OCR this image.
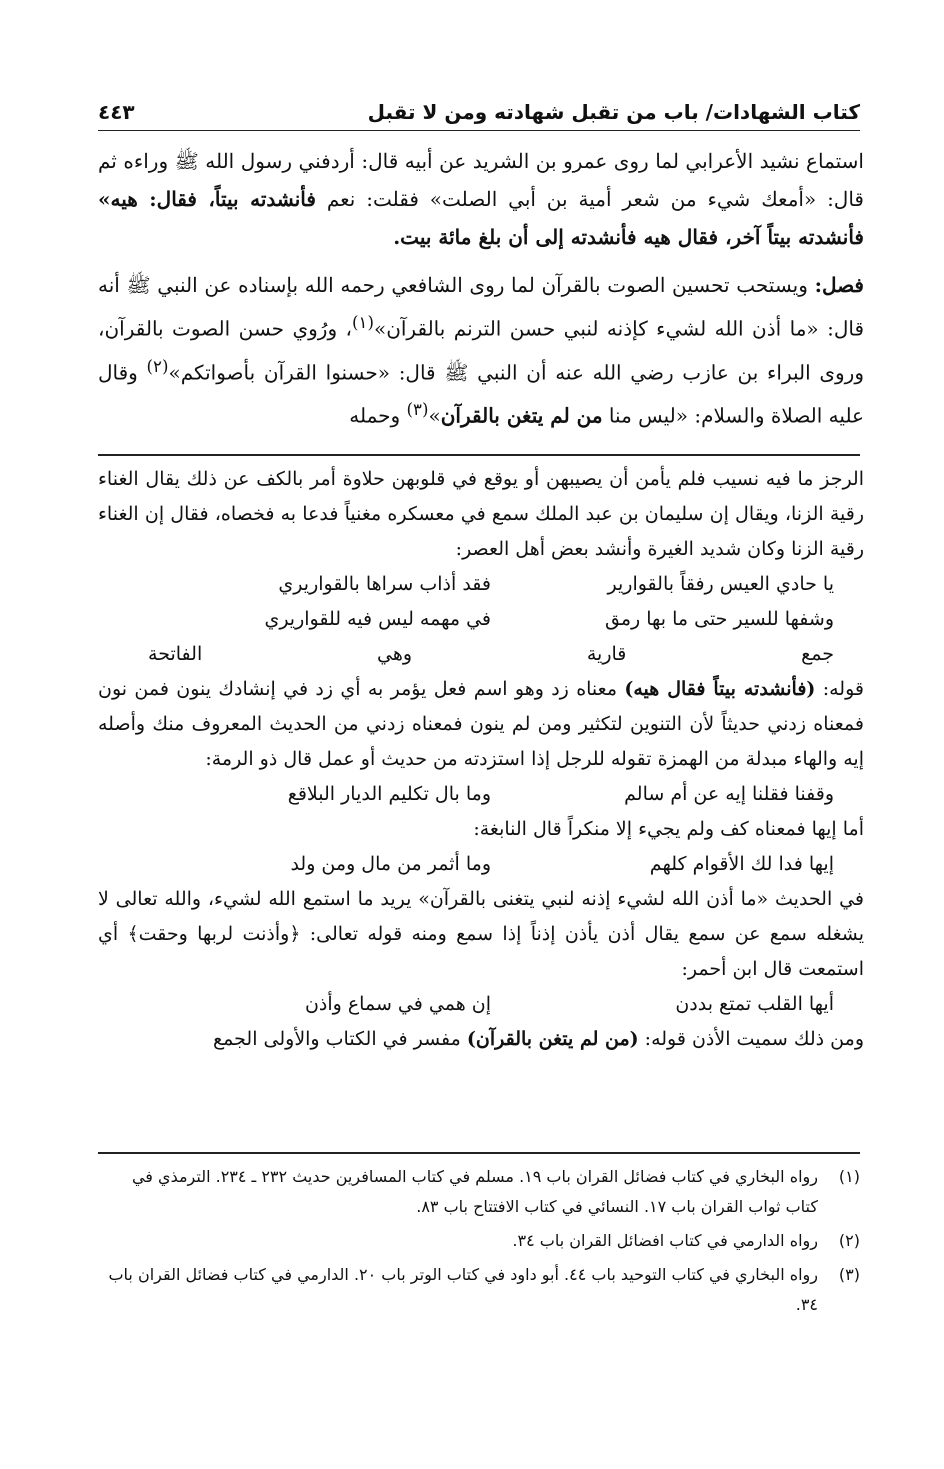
كتاب الشهادات/ باب من تقبل شهادته ومن لا تقبل
٤٤٣

استماع نشيد الأعرابي لما روى عمرو بن الشريد عن أبيه قال: أردفني رسول الله ﷺ وراءه ثم قال: «أمعك شيء من شعر أمية بن أبي الصلت» فقلت: نعم فأنشدته بيتاً، فقال: هيه» فأنشدته بيتاً آخر، فقال هيه فأنشدته إلى أن بلغ مائة بيت.

فصل: ويستحب تحسين الصوت بالقرآن لما روى الشافعي رحمه الله بإسناده عن النبي ﷺ أنه قال: «ما أذن الله لشيء كإذنه لنبي حسن الترنم بالقرآن»$^{(١)}$، ورُوي حسن الصوت بالقرآن، وروى البراء بن عازب رضي الله عنه أن النبي ﷺ قال: «حسنوا القرآن بأصواتكم»$^{(٢)}$ وقال عليه الصلاة والسلام: «ليس منا من لم يتغن بالقرآن»$^{(٣)}$ وحمله

الرجز ما فيه نسيب فلم يأمن أن يصيبهن أو يوقع في قلوبهن حلاوة أمر بالكف عن ذلك يقال الغناء رقية الزنا، ويقال إن سليمان بن عبد الملك سمع في معسكره مغنياً فدعا به فخصاه، فقال إن الغناء رقية الزنا وكان شديد الغيرة وأنشد بعض أهل العصر:

يا حادي العيس رفقاً بالقوارير
فقد أذاب سراها بالقواريري
وشفها للسير حتى ما بها رمق
في مهمه ليس فيه للقواريري
جمع
قارية
وهي
الفاتحة

قوله: (فأنشدته بيتاً فقال هيه) معناه زد وهو اسم فعل يؤمر به أي زد في إنشادك ينون فمن نون فمعناه زدني حديثاً لأن التنوين لتكثير ومن لم ينون فمعناه زدني من الحديث المعروف منك وأصله إيه والهاء مبدلة من الهمزة تقوله للرجل إذا استزدته من حديث أو عمل قال ذو الرمة:

وقفنا فقلنا إيه عن أم سالم
وما بال تكليم الديار البلاقع

أما إيها فمعناه كف ولم يجيء إلا منكراً قال النابغة:

إيها فدا لك الأقوام كلهم
وما أثمر من مال ومن ولد

في الحديث «ما أذن الله لشيء إذنه لنبي يتغنى بالقرآن» يريد ما استمع الله لشيء، والله تعالى لا يشغله سمع عن سمع يقال أذن يأذن إذناً إذا سمع ومنه قوله تعالى: ﴿وأذنت لربها وحقت﴾ أي استمعت قال ابن أحمر:

أيها القلب تمتع بددن
إن همي في سماع وأذن

ومن ذلك سميت الأذن قوله: (من لم يتغن بالقرآن) مفسر في الكتاب والأولى الجمع

(١)
رواه البخاري في كتاب فضائل القران باب ١٩. مسلم في كتاب المسافرين حديث ٢٣٢ ـ ٢٣٤. الترمذي في كتاب ثواب القران باب ١٧. النسائي في كتاب الافتتاح باب ٨٣.
(٢)
رواه الدارمي في كتاب افضائل القران باب ٣٤.
(٣)
رواه البخاري في كتاب التوحيد باب ٤٤. أبو داود في كتاب الوتر باب ٢٠. الدارمي في كتاب فضائل القران باب ٣٤.
